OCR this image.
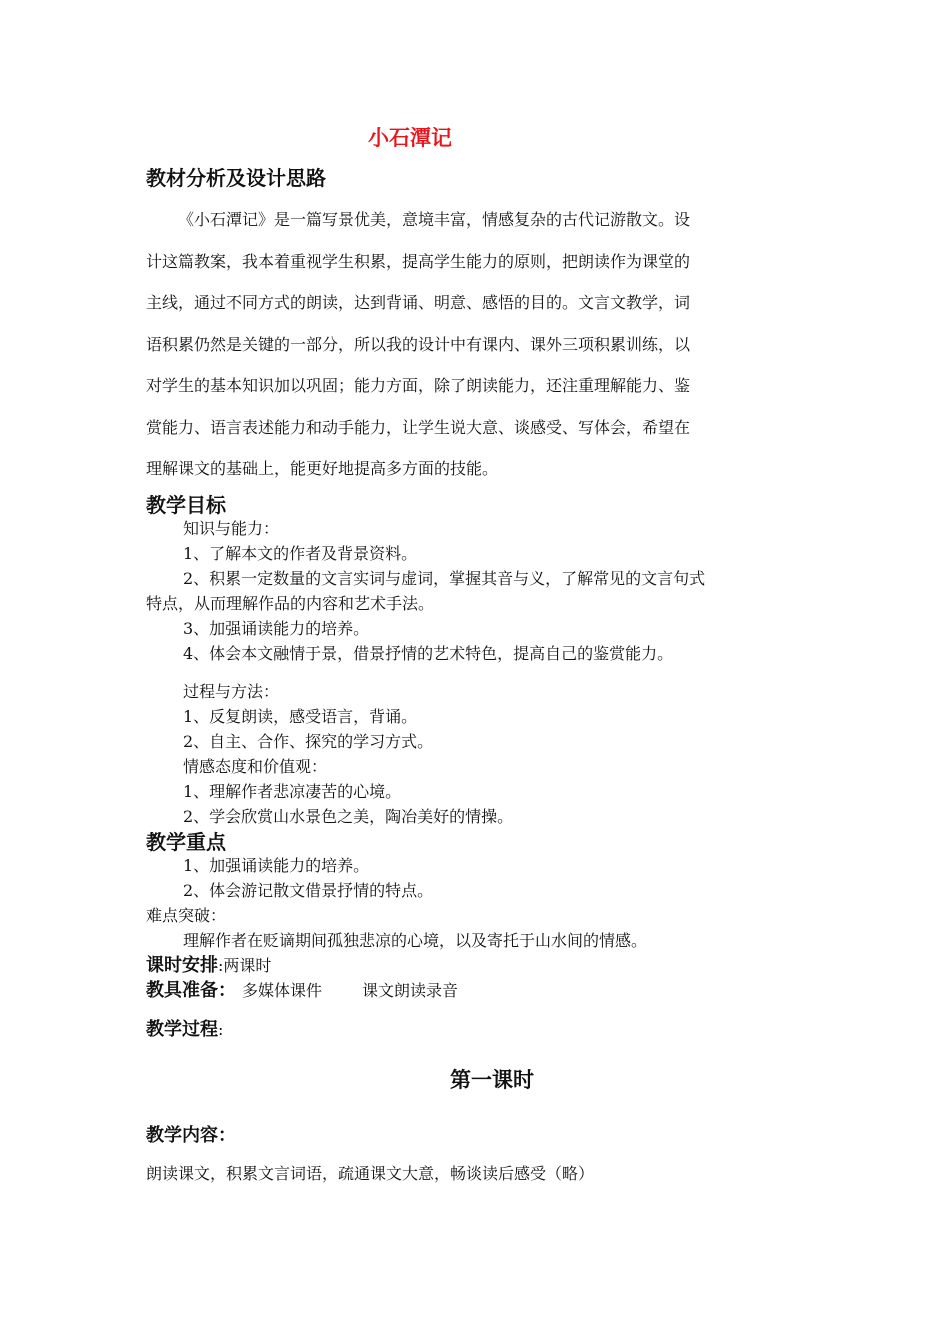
小石潭记
教材分析及设计思路
《小石潭记》是一篇写景优美，意境丰富，情感复杂的古代记游散文。设
计这篇教案，我本着重视学生积累，提高学生能力的原则，把朗读作为课堂的
主线，通过不同方式的朗读，达到背诵、明意、感悟的目的。文言文教学，词
语积累仍然是关键的一部分，所以我的设计中有课内、课外三项积累训练，以
对学生的基本知识加以巩固；能力方面，除了朗读能力，还注重理解能力、鉴
赏能力、语言表述能力和动手能力，让学生说大意、谈感受、写体会，希望在
理解课文的基础上，能更好地提高多方面的技能。
教学目标
知识与能力：
1、了解本文的作者及背景资料。
2、积累一定数量的文言实词与虚词，掌握其音与义，了解常见的文言句式
特点，从而理解作品的内容和艺术手法。
3、加强诵读能力的培养。
4、体会本文融情于景，借景抒情的艺术特色，提高自己的鉴赏能力。
过程与方法：
1、反复朗读，感受语言，背诵。
2、自主、合作、探究的学习方式。
情感态度和价值观：
1、理解作者悲凉凄苦的心境。
2、学会欣赏山水景色之美，陶冶美好的情操。
教学重点
1、加强诵读能力的培养。
2、体会游记散文借景抒情的特点。
难点突破：
理解作者在贬谪期间孤独悲凉的心境，以及寄托于山水间的情感。
课时安排:两课时
教具准备： 多媒体课件	课文朗读录音
教学过程:
第一课时
教学内容：
朗读课文，积累文言词语，疏通课文大意，畅谈读后感受（略）
